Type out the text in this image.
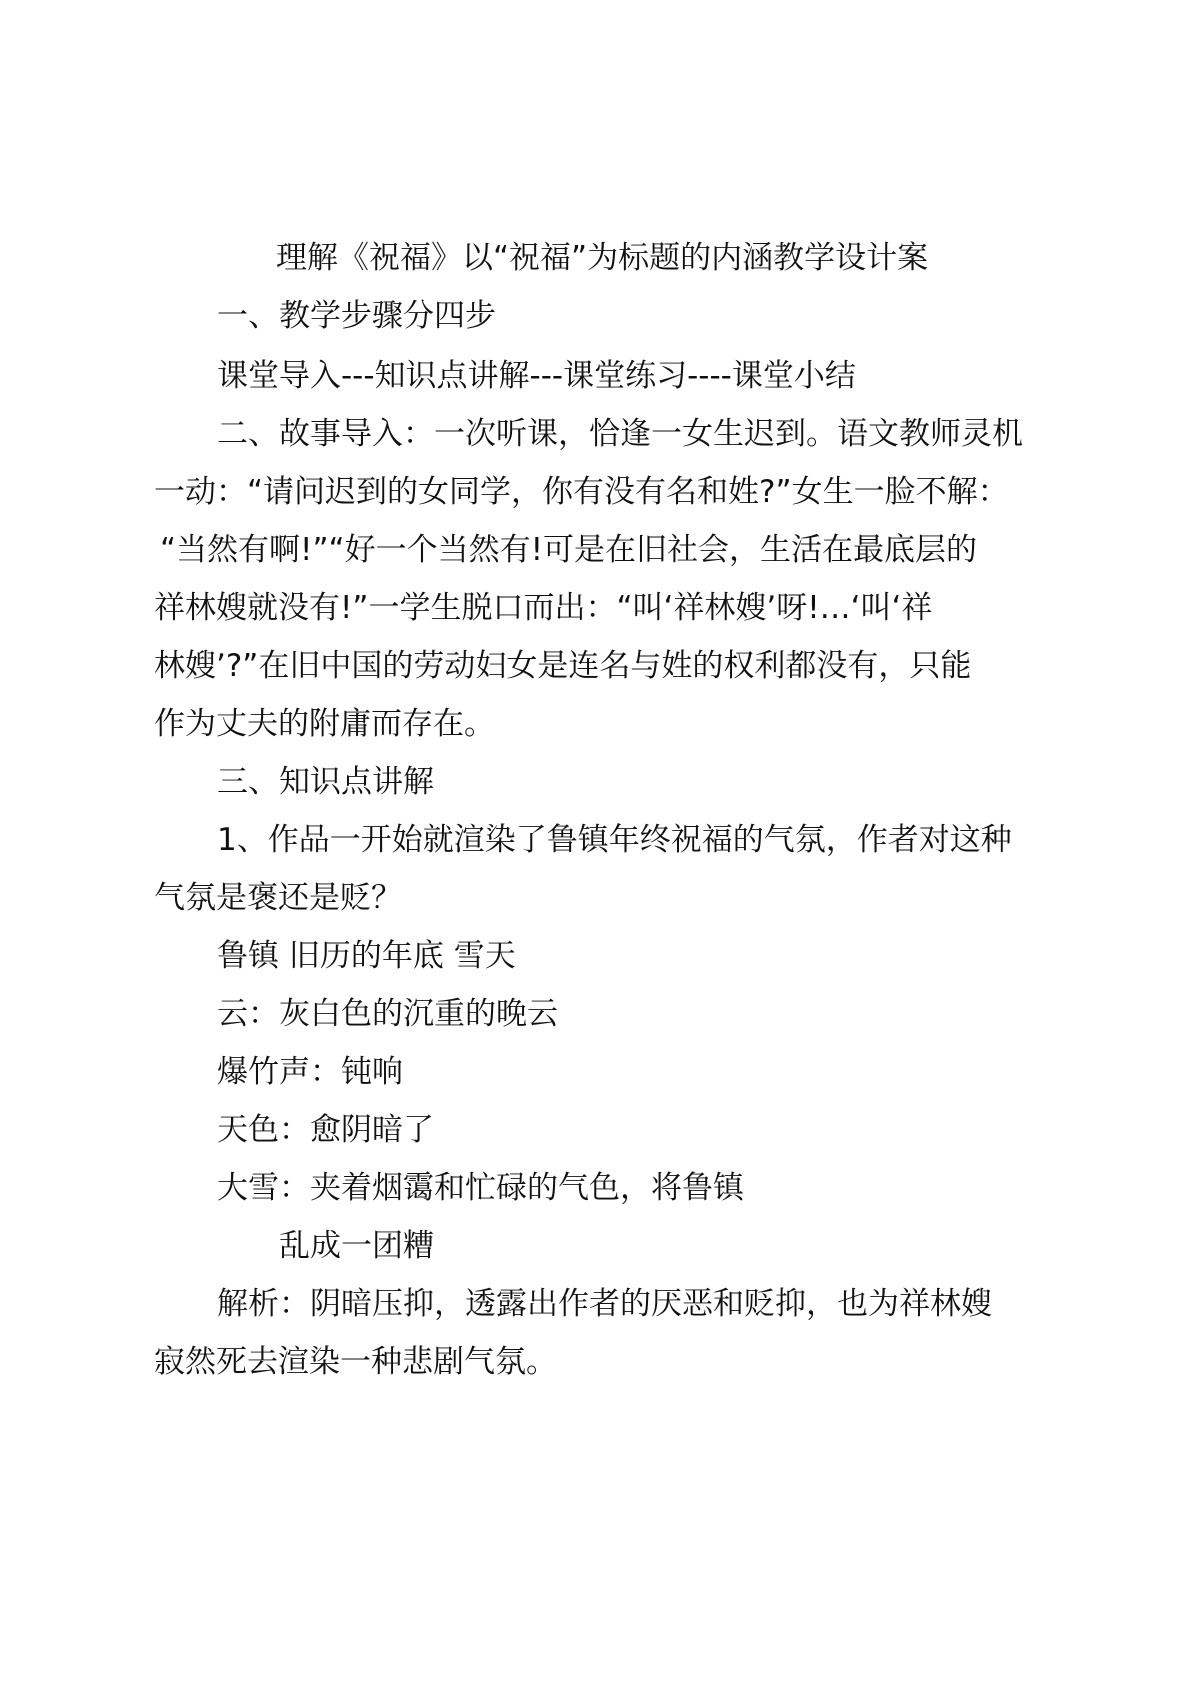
理解《祝福》以“祝福”为标题的内涵教学设计案
一、教学步骤分四步
课堂导入---知识点讲解---课堂练习----课堂小结
二、故事导入：一次听课，恰逢一女生迟到。语文教师灵机
一动：“请问迟到的女同学，你有没有名和姓?”女生一脸不解：
“当然有啊!”“好一个当然有!可是在旧社会，生活在最底层的
祥林嫂就没有!”一学生脱口而出：“叫‘祥林嫂’呀!…‘叫‘祥
林嫂’?”在旧中国的劳动妇女是连名与姓的权利都没有，只能
作为丈夫的附庸而存在。
三、知识点讲解
1、作品一开始就渲染了鲁镇年终祝福的气氛，作者对这种
气氛是褒还是贬？
鲁镇 旧历的年底 雪天
云：灰白色的沉重的晚云
爆竹声：钝响
天色：愈阴暗了
大雪：夹着烟霭和忙碌的气色，将鲁镇
乱成一团糟
解析：阴暗压抑，透露出作者的厌恶和贬抑，也为祥林嫂
寂然死去渲染一种悲剧气氛。
